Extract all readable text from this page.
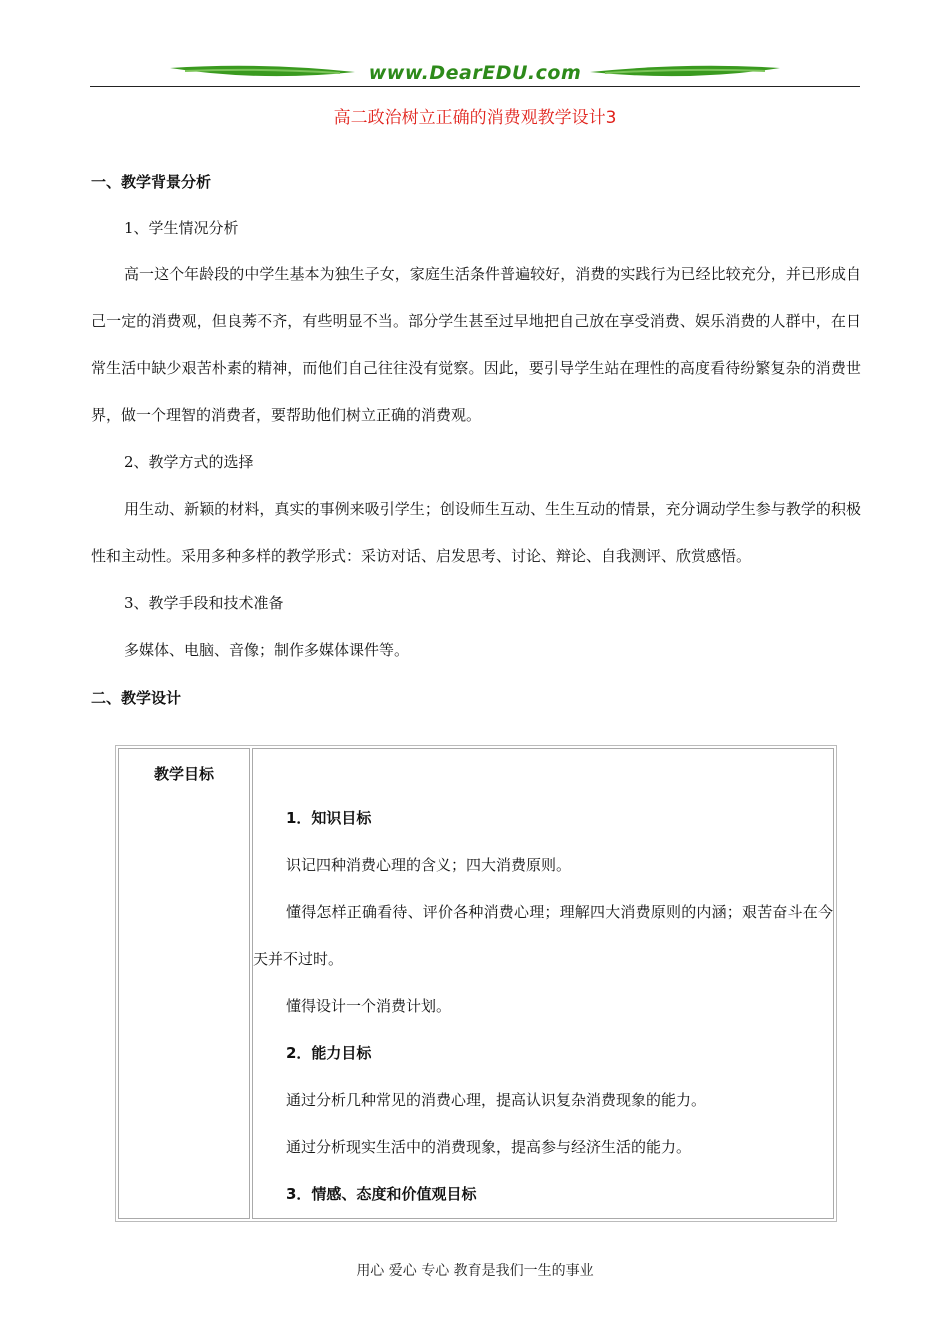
www.DearEDU.com
高二政治树立正确的消费观教学设计3
一、教学背景分析

1、学生情况分析

高一这个年龄段的中学生基本为独生子女，家庭生活条件普遍较好，消费的实践行为已经比较充分，并已形成自己一定的消费观，但良莠不齐，有些明显不当。部分学生甚至过早地把自己放在享受消费、娱乐消费的人群中，在日常生活中缺少艰苦朴素的精神，而他们自己往往没有觉察。因此，要引导学生站在理性的高度看待纷繁复杂的消费世界，做一个理智的消费者，要帮助他们树立正确的消费观。

2、教学方式的选择

用生动、新颖的材料，真实的事例来吸引学生；创设师生互动、生生互动的情景，充分调动学生参与教学的积极性和主动性。采用多种多样的教学形式：采访对话、启发思考、讨论、辩论、自我测评、欣赏感悟。

3、教学手段和技术准备

多媒体、电脑、音像；制作多媒体课件等。

二、教学设计
教学目标

1．知识目标

识记四种消费心理的含义；四大消费原则。

懂得怎样正确看待、评价各种消费心理；理解四大消费原则的内涵；艰苦奋斗在今天并不过时。

懂得设计一个消费计划。

2．能力目标

通过分析几种常见的消费心理，提高认识复杂消费现象的能力。

通过分析现实生活中的消费现象，提高参与经济生活的能力。

3．情感、态度和价值观目标

用心 爱心 专心 教育是我们一生的事业
